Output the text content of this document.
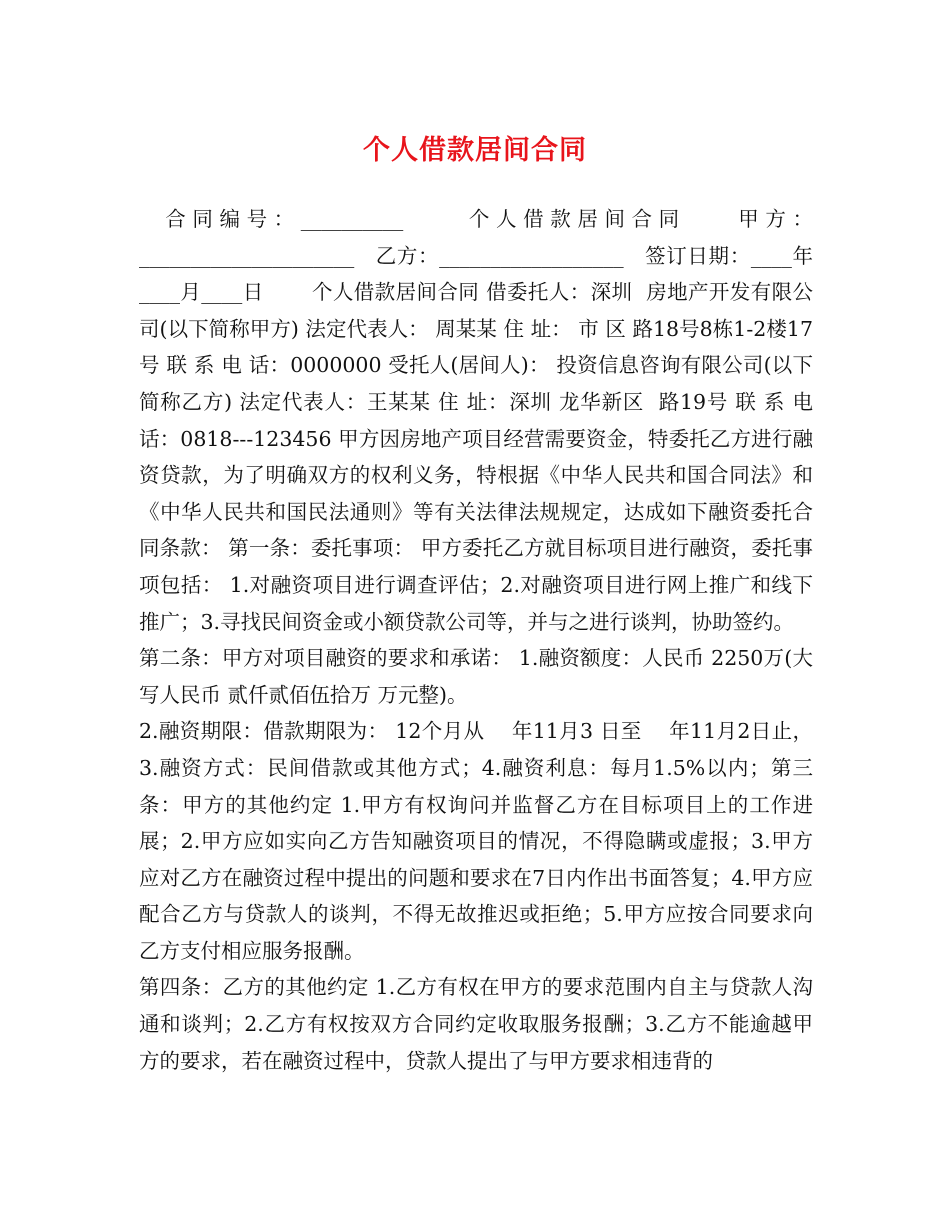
个人借款居间合同

合同编号：__________     个人借款居间合同    甲方：_____________________   乙方：__________________   签订日期：____年____月____日       个人借款居间合同 借委托人：深圳  房地产开发有限公司(以下简称甲方) 法定代表人： 周某某 住 址： 市 区 路18号8栋1-2楼17号 联 系 电 话：0000000 受托人(居间人)： 投资信息咨询有限公司(以下简称乙方) 法定代表人：王某某 住 址：深圳 龙华新区  路19号 联 系 电 话：0818---123456 甲方因房地产项目经营需要资金，特委托乙方进行融资贷款，为了明确双方的权利义务，特根据《中华人民共和国合同法》和《中华人民共和国民法通则》等有关法律法规规定，达成如下融资委托合同条款： 第一条：委托事项： 甲方委托乙方就目标项目进行融资，委托事项包括： 1.对融资项目进行调查评估；2.对融资项目进行网上推广和线下推广；3.寻找民间资金或小额贷款公司等，并与之进行谈判，协助签约。

第二条：甲方对项目融资的要求和承诺： 1.融资额度：人民币 2250万(大写人民币 贰仟贰佰伍拾万 万元整)。

2.融资期限：借款期限为： 12个月从    年11月3 日至    年11月2日止， 3.融资方式：民间借款或其他方式；4.融资利息：每月1.5%以内；第三条：甲方的其他约定 1.甲方有权询问并监督乙方在目标项目上的工作进展；2.甲方应如实向乙方告知融资项目的情况，不得隐瞒或虚报；3.甲方应对乙方在融资过程中提出的问题和要求在7日内作出书面答复；4.甲方应配合乙方与贷款人的谈判，不得无故推迟或拒绝；5.甲方应按合同要求向乙方支付相应服务报酬。

第四条：乙方的其他约定 1.乙方有权在甲方的要求范围内自主与贷款人沟通和谈判；2.乙方有权按双方合同约定收取服务报酬；3.乙方不能逾越甲方的要求，若在融资过程中，贷款人提出了与甲方要求相违背的
